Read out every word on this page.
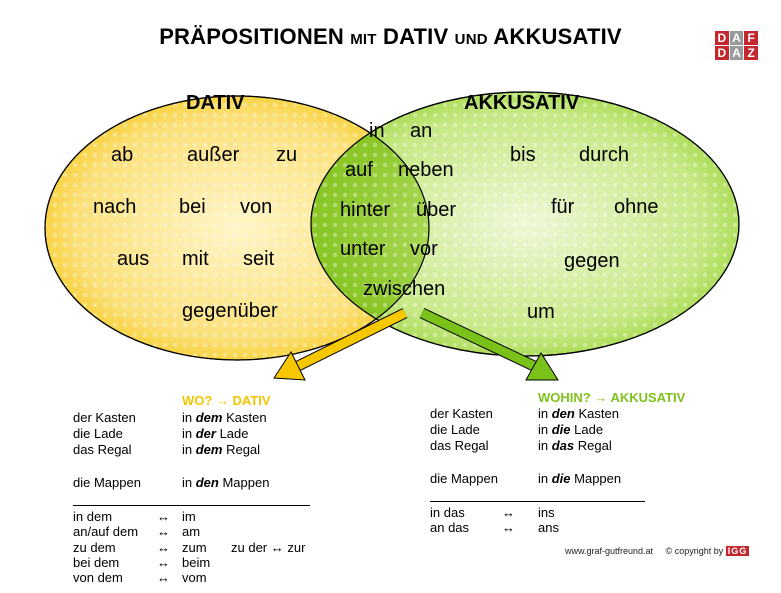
PRÄPOSITIONEN MIT DATIV UND AKKUSATIV	D A F
D A Z
DATIV	AKKUSATIV
ab	außer zu
nach bei von
aus mit seit
gegenüber
in an
auf neben
hinter über
unter vor
zwischen
bis durch
für ohne
gegen
um
WO? → DATIV
der Kasten	in dem Kasten
die Lade	in der Lade
das Regal	in dem Regal
die Mappen	in den Mappen
in dem	↔ im
an/auf dem ↔ am
zu dem	↔ zum zu der ↔ zur
bei dem	↔ beim
von dem	↔ vom
WOHIN? → AKKUSATIV
der Kasten	in den Kasten
die Lade	in die Lade
das Regal	in das Regal
die Mappen	in die Mappen
in das	↔ ins
an das	↔ ans
www.graf-gutfreund.at © copyright by IGG
